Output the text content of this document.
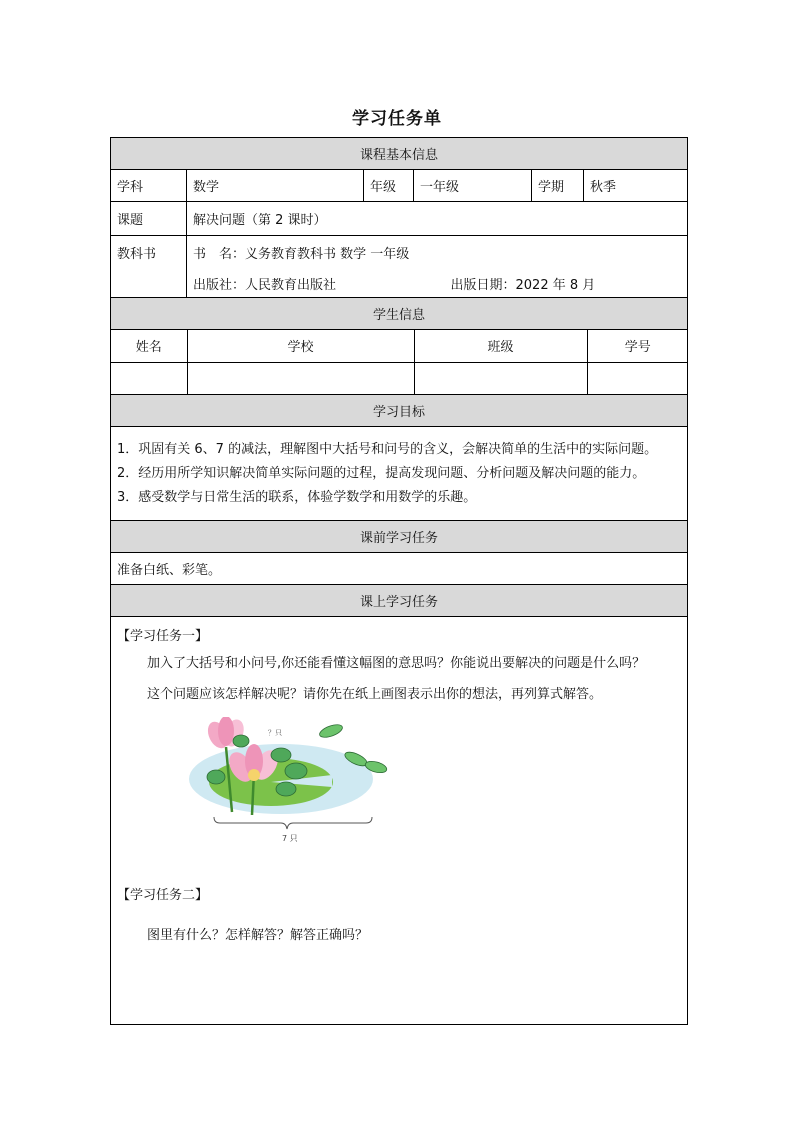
学习任务单
课程基本信息
学科	数学	年级	一年级	学期	秋季
课题	解决问题（第 2 课时）
教科书	书　名：义务教育教科书 数学 一年级
出版社：人民教育出版社	出版日期：2022 年 8 月

学生信息

姓名	学校	班级	学号

学习目标

1．巩固有关 6、7 的减法，理解图中大括号和问号的含义，会解决简单的生活中的实际问题。
2．经历用所学知识解决简单实际问题的过程，提高发现问题、分析问题及解决问题的能力。
3．感受数学与日常生活的联系，体验学数学和用数学的乐趣。

课前学习任务
准备白纸、彩笔。
课上学习任务

【学习任务一】
加入了大括号和小问号,你还能看懂这幅图的意思吗？你能说出要解决的问题是什么吗？
这个问题应该怎样解决呢？请你先在纸上画图表示出你的想法，再列算式解答。
？只
7 只
【学习任务二】
图里有什么？怎样解答？解答正确吗？
